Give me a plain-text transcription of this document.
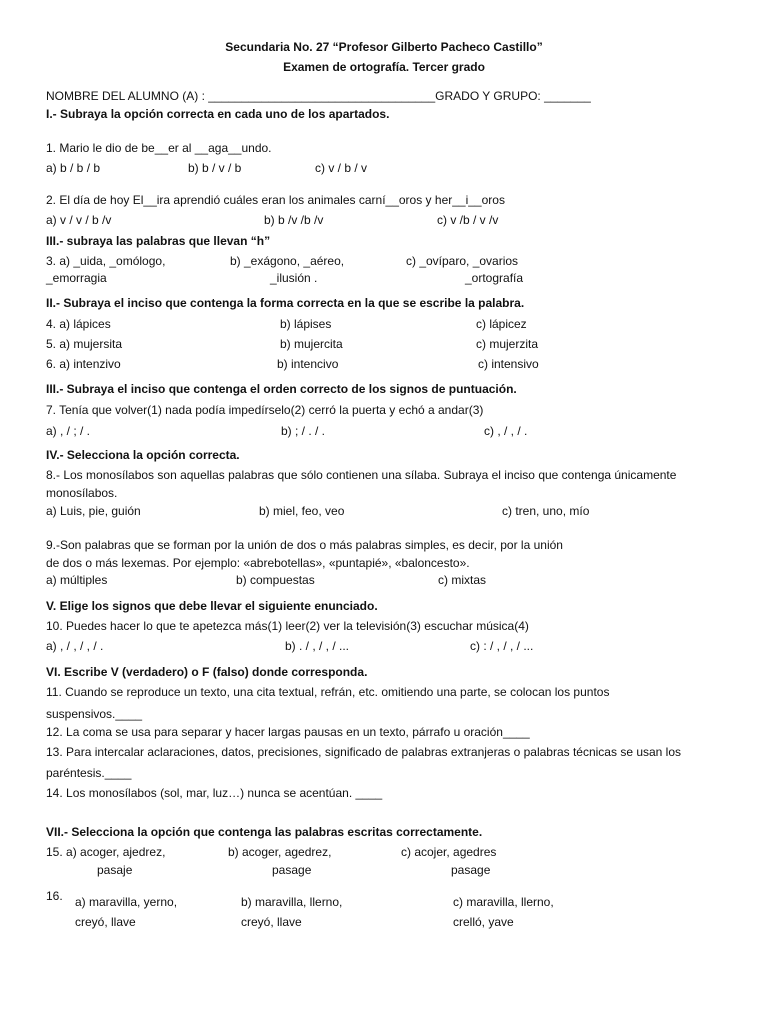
Secundaria No. 27 “Profesor Gilberto Pacheco Castillo”
Examen de ortografía. Tercer grado
NOMBRE DEL ALUMNO (A) : __________________________________GRADO Y GRUPO: _______
I.- Subraya la opción correcta en cada uno de los apartados.
1. Mario le dio de be__er al __aga__undo.
a) b / b / b	b) b / v / b	c) v / b / v
2. El día de hoy El__ira aprendió cuáles eran los animales carní__oros y her__i__oros
a) v / v / b /v	b) b /v /b /v	c) v /b / v /v
III.- subraya las palabras que llevan “h”
3. a) _uida, _omólogo,
_emorragia
b) _exágono, _aéreo,
_ilusión .
c) _ovíparo, _ovarios
_ortografía
II.- Subraya el inciso que contenga la forma correcta en la que se escribe la palabra.
4. a) lápices	b) lápises	c) lápicez
5. a) mujersita	b) mujercita	c) mujerzita
6. a) intenzivo	b) intencivo	c) intensivo
III.- Subraya el inciso que contenga el orden correcto de los signos de puntuación.
7. Tenía que volver(1) nada podía impedírselo(2) cerró la puerta y echó a andar(3)
a) , / ; / .	b) ; / . / .	c) , / , / .
IV.- Selecciona la opción correcta.
8.- Los monosílabos son aquellas palabras que sólo contienen una sílaba. Subraya el inciso que contenga únicamente
monosílabos.
a) Luis, pie, guión	b) miel, feo, veo	c) tren, uno, mío
9.-Son palabras que se forman por la unión de dos o más palabras simples, es decir, por la unión
de dos o más lexemas. Por ejemplo: «abrebotellas», «puntapié», «baloncesto».
a) múltiples	b) compuestas	c) mixtas
V. Elige los signos que debe llevar el siguiente enunciado.
10. Puedes hacer lo que te apetezca más(1) leer(2) ver la televisión(3) escuchar música(4)
a) , / , / , / .	b) . / , / , / ...	c) : / , / , / ...
VI. Escribe V (verdadero) o F (falso) donde corresponda.
11. Cuando se reproduce un texto, una cita textual, refrán, etc. omitiendo una parte, se colocan los puntos
suspensivos.____
12. La coma se usa para separar y hacer largas pausas en un texto, párrafo u oración____
13. Para intercalar aclaraciones, datos, precisiones, significado de palabras extranjeras o palabras técnicas se usan los
paréntesis.____
14. Los monosílabos (sol, mar, luz…) nunca se acentúan. ____
VII.- Selecciona la opción que contenga las palabras escritas correctamente.
15. a) acoger, ajedrez,
pasaje
b) acoger, agedrez,
pasage
c) acojer, agedres
pasage
16. a) maravilla, yerno,
creyó, llave
b) maravilla, llerno,
creyó, llave
c) maravilla, llerno,
crelló, yave
